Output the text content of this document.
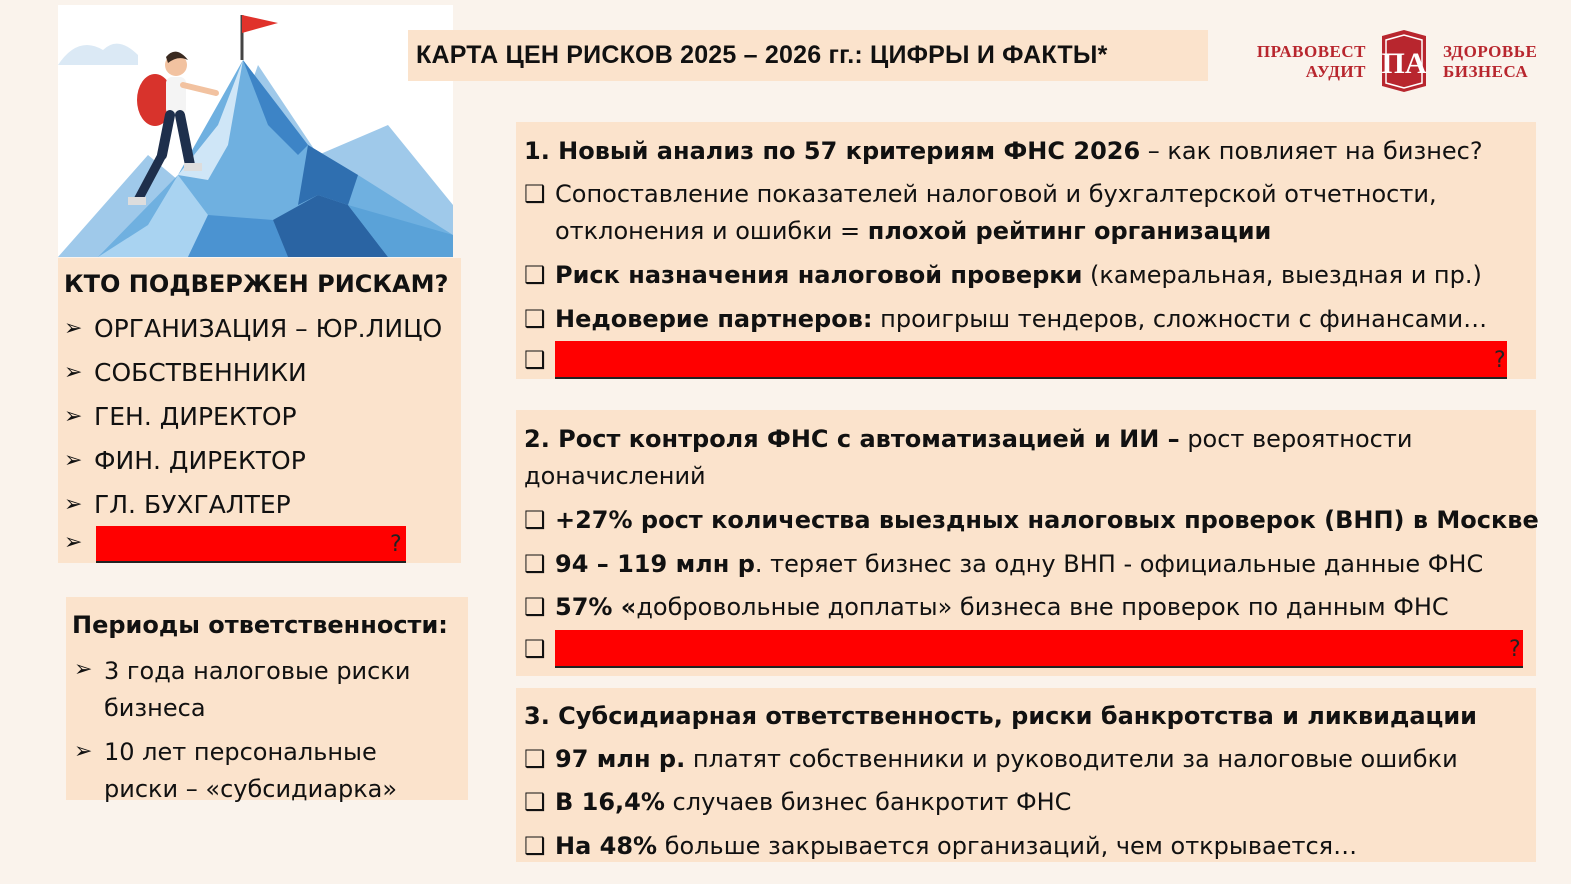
КАРТА ЦЕН РИСКОВ 2025 – 2026 гг.: ЦИФРЫ И ФАКТЫ*	ПРАВОВЕСТ
АУДИТ ПА ЗДОРОВЬЕ
БИЗНЕСА
КТО ПОДВЕРЖЕН РИСКАМ?
➢ ОРГАНИЗАЦИЯ – ЮР.ЛИЦО
➢ СОБСТВЕННИКИ
➢ ГЕН. ДИРЕКТОР
➢ ФИН. ДИРЕКТОР
➢ ГЛ. БУХГАЛТЕР
➢	?
Периоды ответственности:
➢ 3 года налоговые риски
бизнеса
➢ 10 лет персональные
риски – «субсидиарка»
1. Новый анализ по 57 критериям ФНС 2026 – как повлияет на бизнес?
❑ Сопоставление показателей налоговой и бухгалтерской отчетности,
отклонения и ошибки = плохой рейтинг организации
❑ Риск назначения налоговой проверки (камеральная, выездная и пр.)
❑ Недоверие партнеров: проигрыш тендеров, сложности с финансами…
❑	?
2. Рост контроля ФНС с автоматизацией и ИИ – рост вероятности
доначислений
❑ +27% рост количества выездных налоговых проверок (ВНП) в Москве
❑ 94 – 119 млн р. теряет бизнес за одну ВНП - официальные данные ФНС
❑ 57% «добровольные доплаты» бизнеса вне проверок по данным ФНС
❑	?
3. Субсидиарная ответственность, риски банкротства и ликвидации
❑ 97 млн р. платят собственники и руководители за налоговые ошибки
❑ В 16,4% случаев бизнес банкротит ФНС
❑ На 48% больше закрывается организаций, чем открывается…
